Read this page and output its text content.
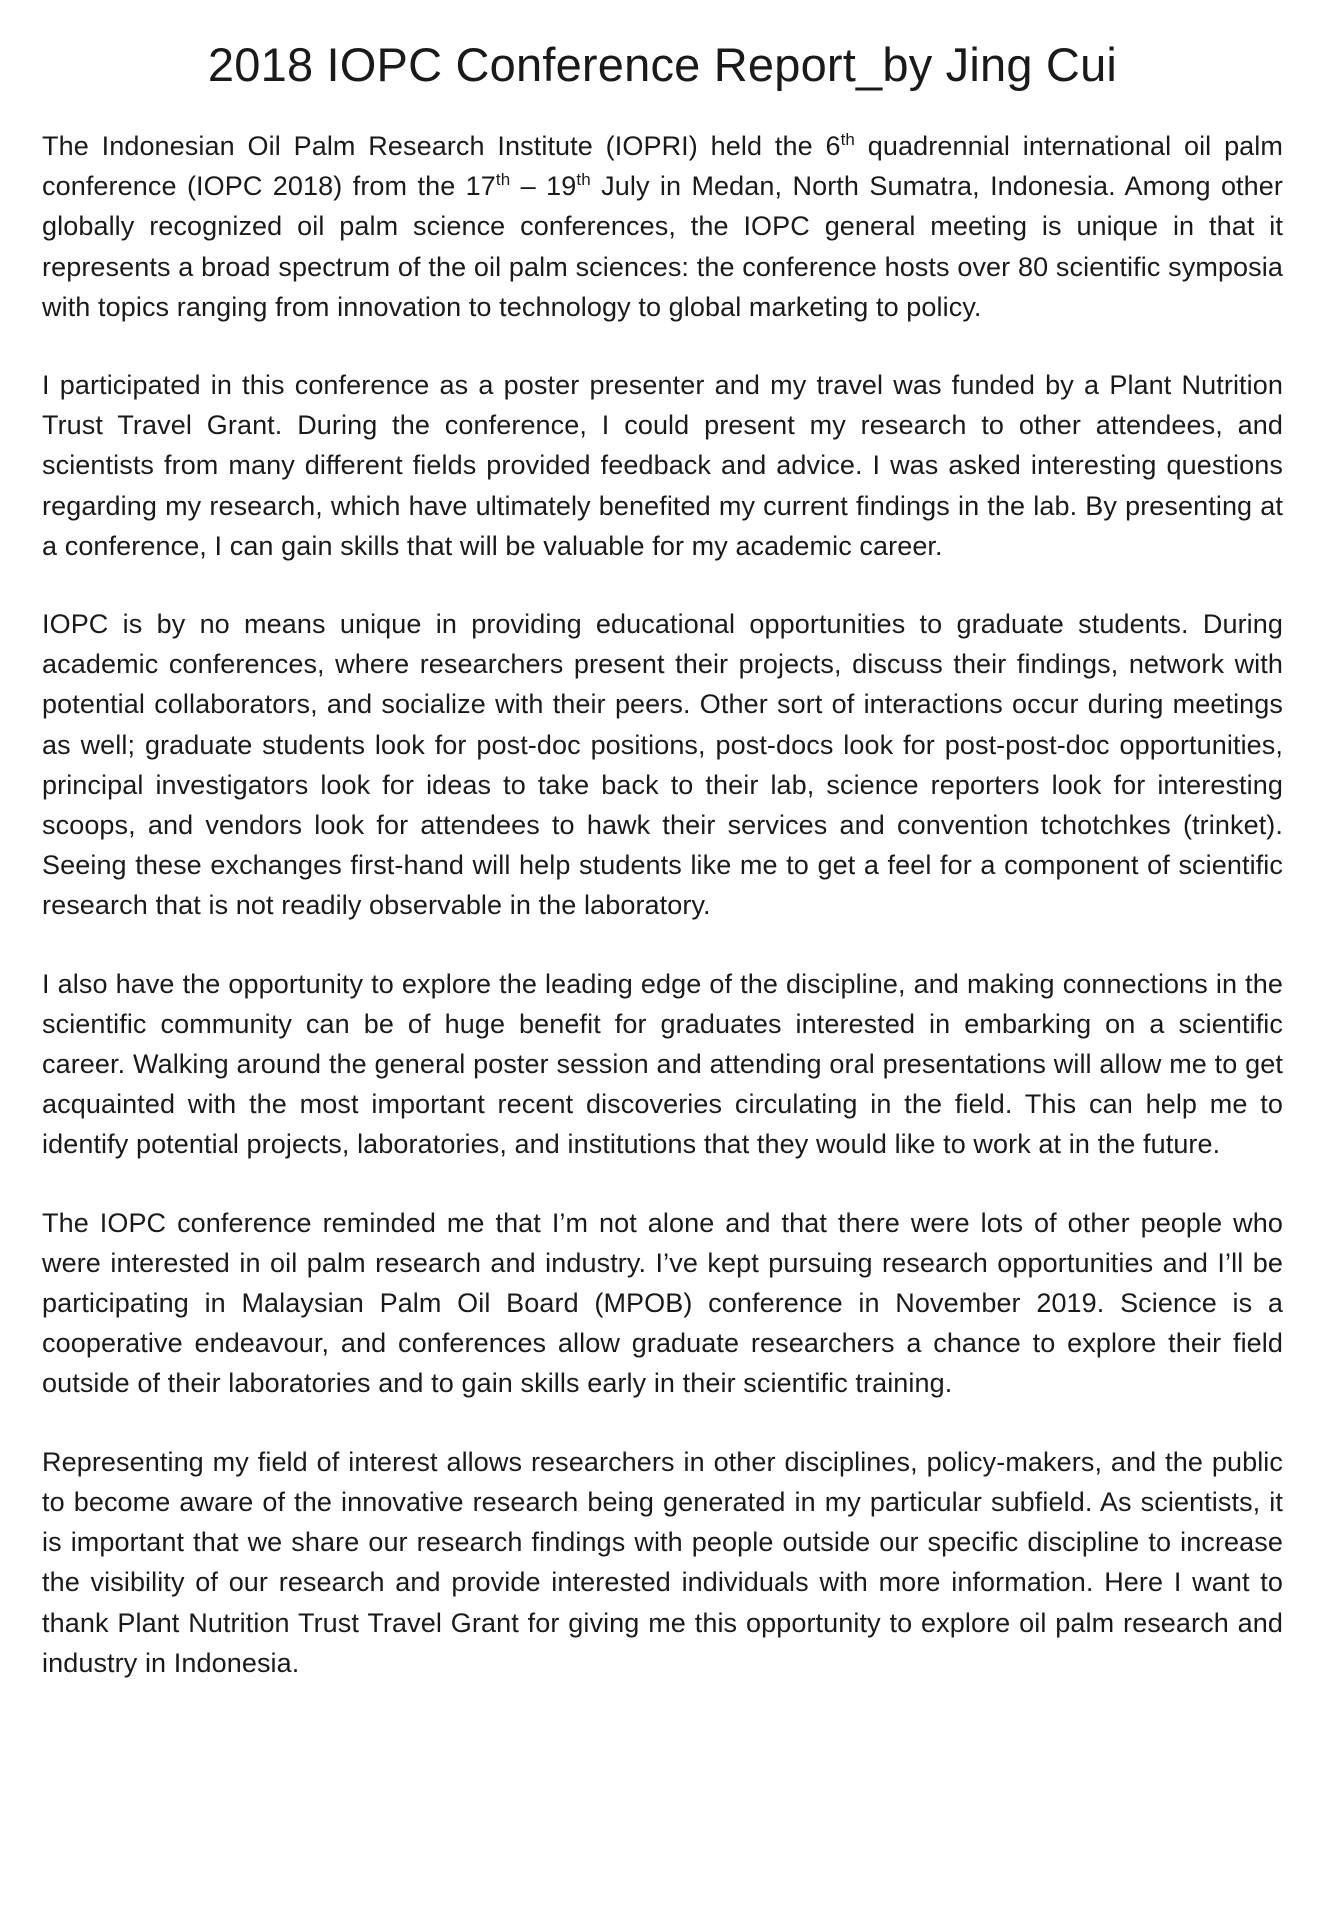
2018 IOPC Conference Report_by Jing Cui

The Indonesian Oil Palm Research Institute (IOPRI) held the 6th quadrennial international oil palm conference (IOPC 2018) from the 17th – 19th July in Medan, North Sumatra, Indonesia. Among other globally recognized oil palm science conferences, the IOPC general meeting is unique in that it represents a broad spectrum of the oil palm sciences: the conference hosts over 80 scientific symposia with topics ranging from innovation to technology to global marketing to policy.

I participated in this conference as a poster presenter and my travel was funded by a Plant Nutrition Trust Travel Grant. During the conference, I could present my research to other attendees, and scientists from many different fields provided feedback and advice. I was asked interesting questions regarding my research, which have ultimately benefited my current findings in the lab. By presenting at a conference, I can gain skills that will be valuable for my academic career.

IOPC is by no means unique in providing educational opportunities to graduate students. During academic conferences, where researchers present their projects, discuss their findings, network with potential collaborators, and socialize with their peers. Other sort of interactions occur during meetings as well; graduate students look for post-doc positions, post-docs look for post-post-doc opportunities, principal investigators look for ideas to take back to their lab, science reporters look for interesting scoops, and vendors look for attendees to hawk their services and convention tchotchkes (trinket). Seeing these exchanges first-hand will help students like me to get a feel for a component of scientific research that is not readily observable in the laboratory.

I also have the opportunity to explore the leading edge of the discipline, and making connections in the scientific community can be of huge benefit for graduates interested in embarking on a scientific career. Walking around the general poster session and attending oral presentations will allow me to get acquainted with the most important recent discoveries circulating in the field. This can help me to identify potential projects, laboratories, and institutions that they would like to work at in the future.

The IOPC conference reminded me that I’m not alone and that there were lots of other people who were interested in oil palm research and industry. I’ve kept pursuing research opportunities and I’ll be participating in Malaysian Palm Oil Board (MPOB) conference in November 2019. Science is a cooperative endeavour, and conferences allow graduate researchers a chance to explore their field outside of their laboratories and to gain skills early in their scientific training.

Representing my field of interest allows researchers in other disciplines, policy-makers, and the public to become aware of the innovative research being generated in my particular subfield. As scientists, it is important that we share our research findings with people outside our specific discipline to increase the visibility of our research and provide interested individuals with more information. Here I want to thank Plant Nutrition Trust Travel Grant for giving me this opportunity to explore oil palm research and industry in Indonesia.
